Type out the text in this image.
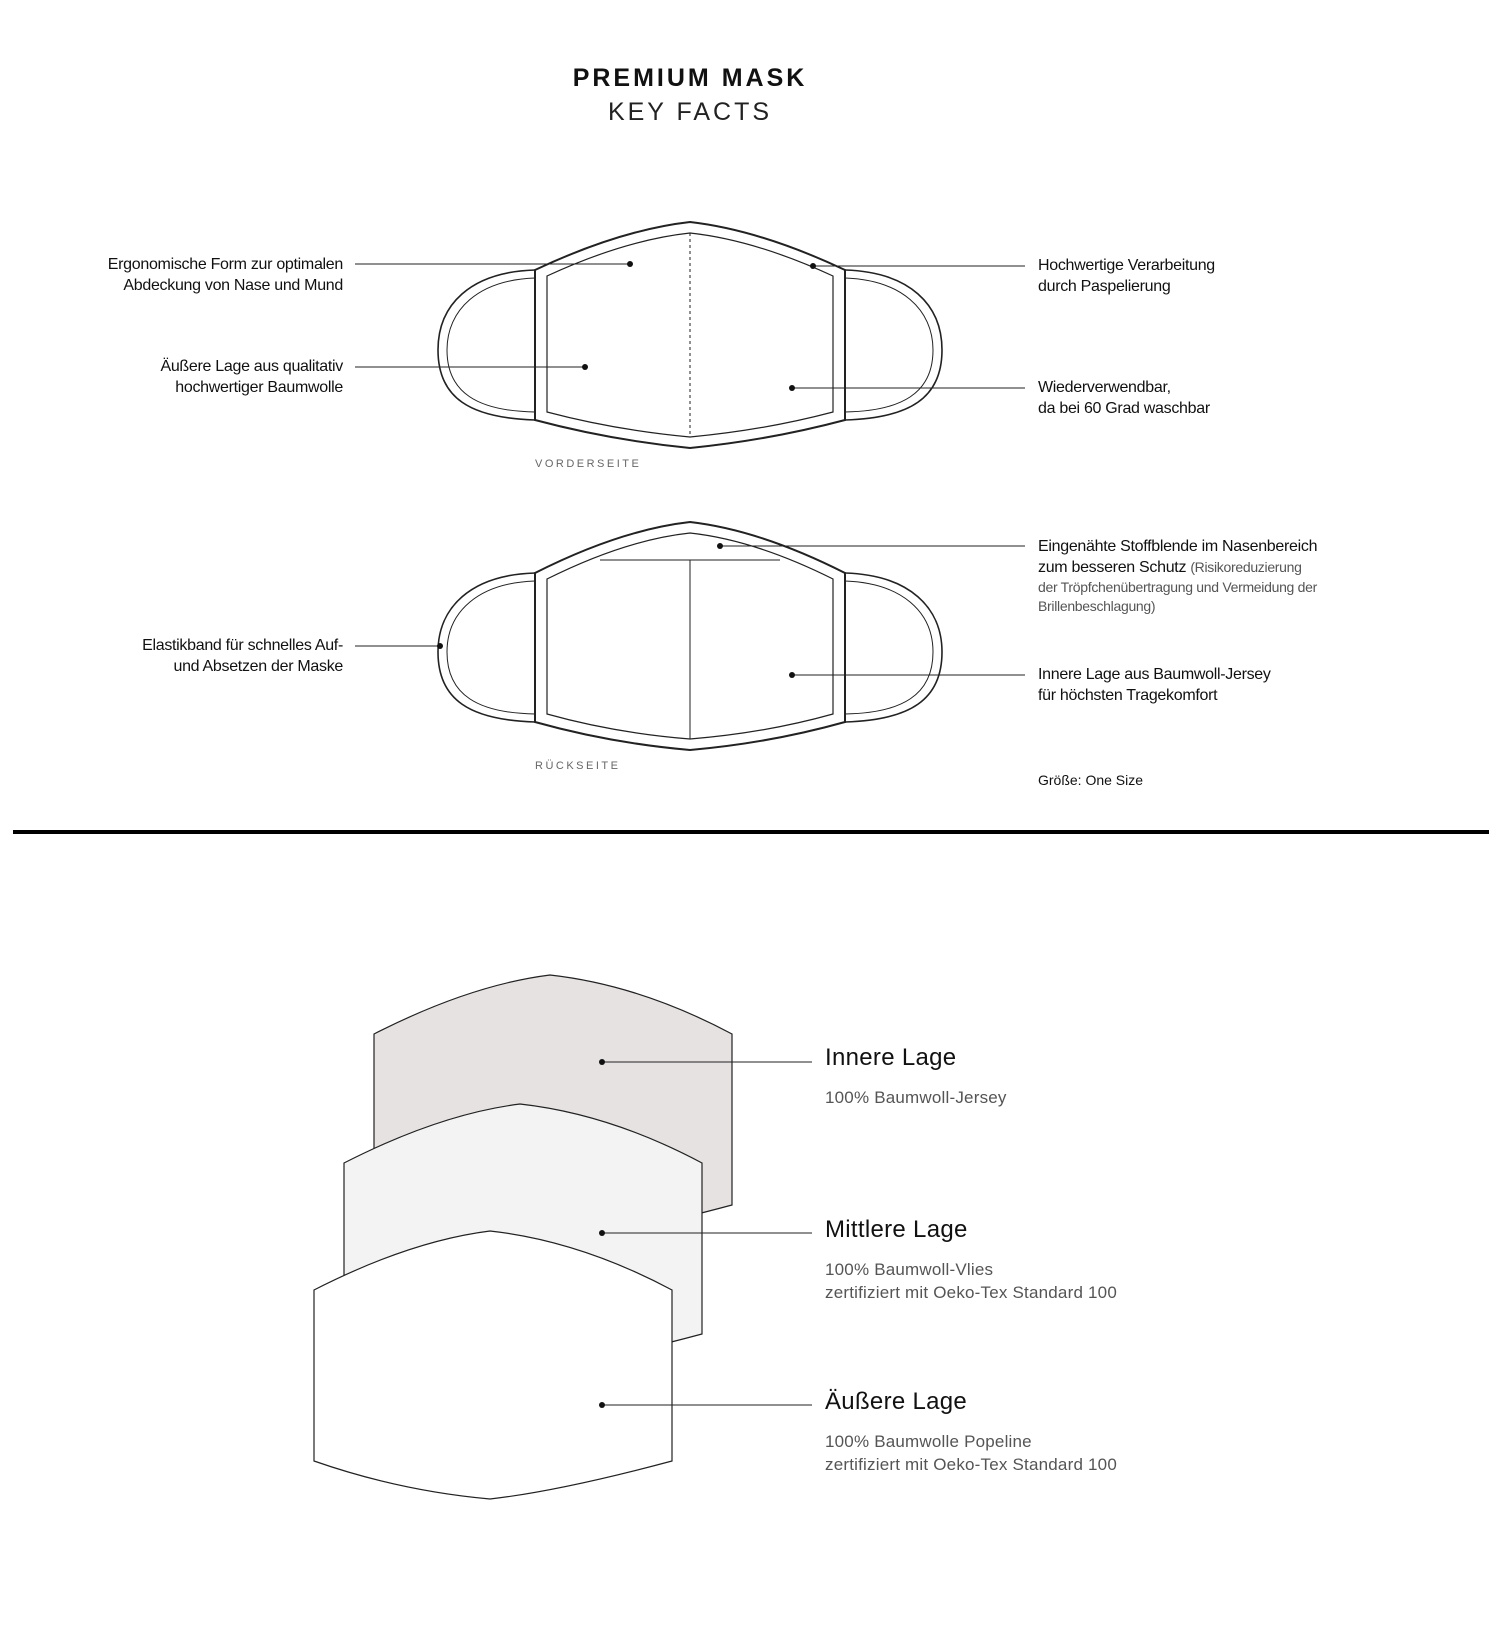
PREMIUM MASK
KEY FACTS
Ergonomische Form zur optimalen
Abdeckung von Nase und Mund
Äußere Lage aus qualitativ
hochwertiger Baumwolle
Hochwertige Verarbeitung
durch Paspelierung
Wiederverwendbar,
da bei 60 Grad waschbar
VORDERSEITE
Elastikband für schnelles Auf-
und Absetzen der Maske
Eingenähte Stoffblende im Nasenbereich
zum besseren Schutz (Risikoreduzierung
der Tröpfchenübertragung und Vermeidung der
Brillenbeschlagung)
Innere Lage aus Baumwoll-Jersey
für höchsten Tragekomfort
RÜCKSEITE
Größe: One Size
Innere Lage
100% Baumwoll-Jersey
Mittlere Lage
100% Baumwoll-Vlies
zertifiziert mit Oeko-Tex Standard 100
Äußere Lage
100% Baumwolle Popeline
zertifiziert mit Oeko-Tex Standard 100
